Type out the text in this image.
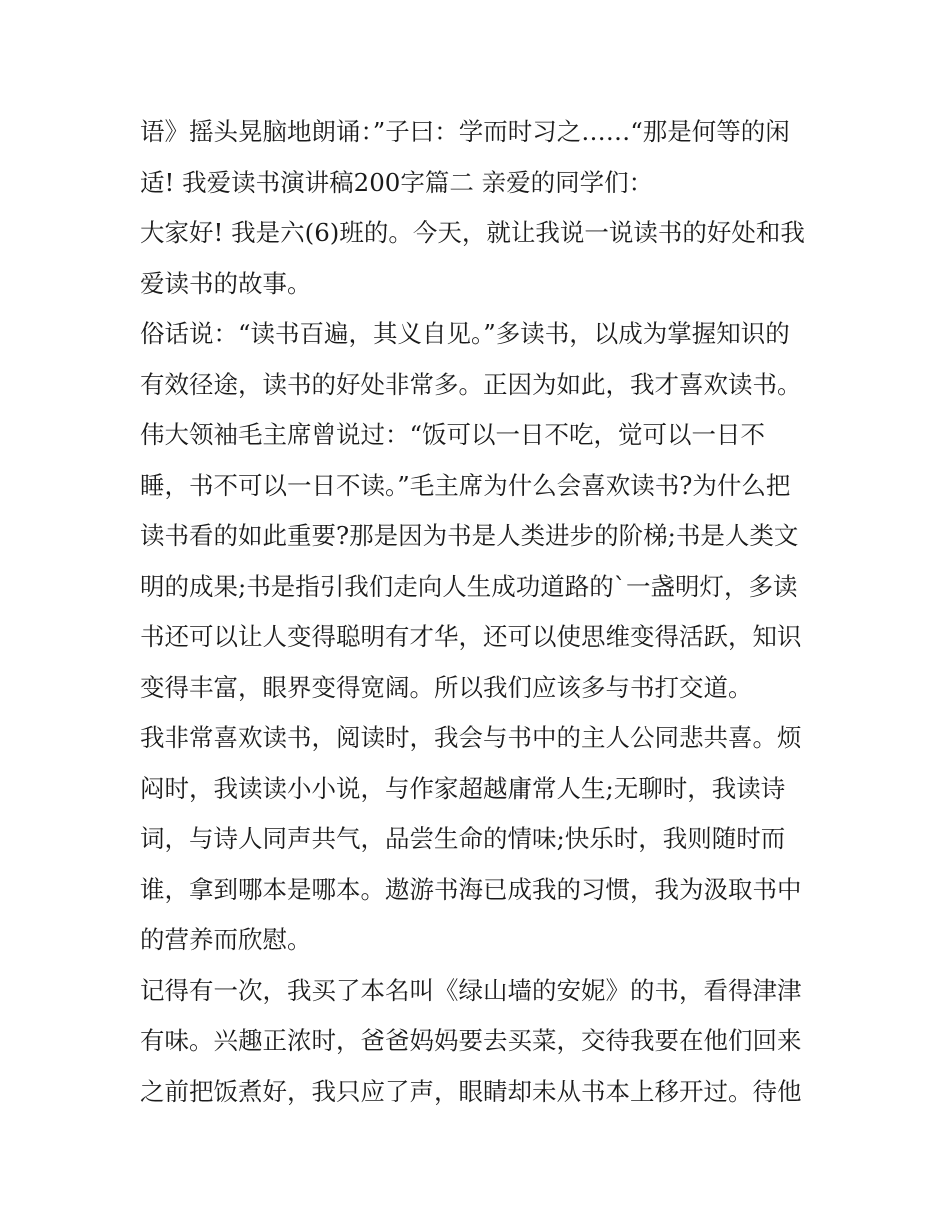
语》摇头晃脑地朗诵：”子曰：学而时习之……“那是何等的闲
适! 我爱读书演讲稿200字篇二 亲爱的同学们：
大家好! 我是六(6)班的。今天，就让我说一说读书的好处和我
爱读书的故事。
俗话说：“读书百遍，其义自见。”多读书，以成为掌握知识的
有效径途，读书的好处非常多。正因为如此，我才喜欢读书。
伟大领袖毛主席曾说过：“饭可以一日不吃，觉可以一日不
睡，书不可以一日不读。”毛主席为什么会喜欢读书?为什么把
读书看的如此重要?那是因为书是人类进步的阶梯;书是人类文
明的成果;书是指引我们走向人生成功道路的`一盏明灯，多读
书还可以让人变得聪明有才华，还可以使思维变得活跃，知识
变得丰富，眼界变得宽阔。所以我们应该多与书打交道。
我非常喜欢读书，阅读时，我会与书中的主人公同悲共喜。烦
闷时，我读读小小说，与作家超越庸常人生;无聊时，我读诗
词，与诗人同声共气，品尝生命的情味;快乐时，我则随时而
谁，拿到哪本是哪本。遨游书海已成我的习惯，我为汲取书中
的营养而欣慰。
记得有一次，我买了本名叫《绿山墙的安妮》的书，看得津津
有味。兴趣正浓时，爸爸妈妈要去买菜，交待我要在他们回来
之前把饭煮好，我只应了声，眼睛却未从书本上移开过。待他
